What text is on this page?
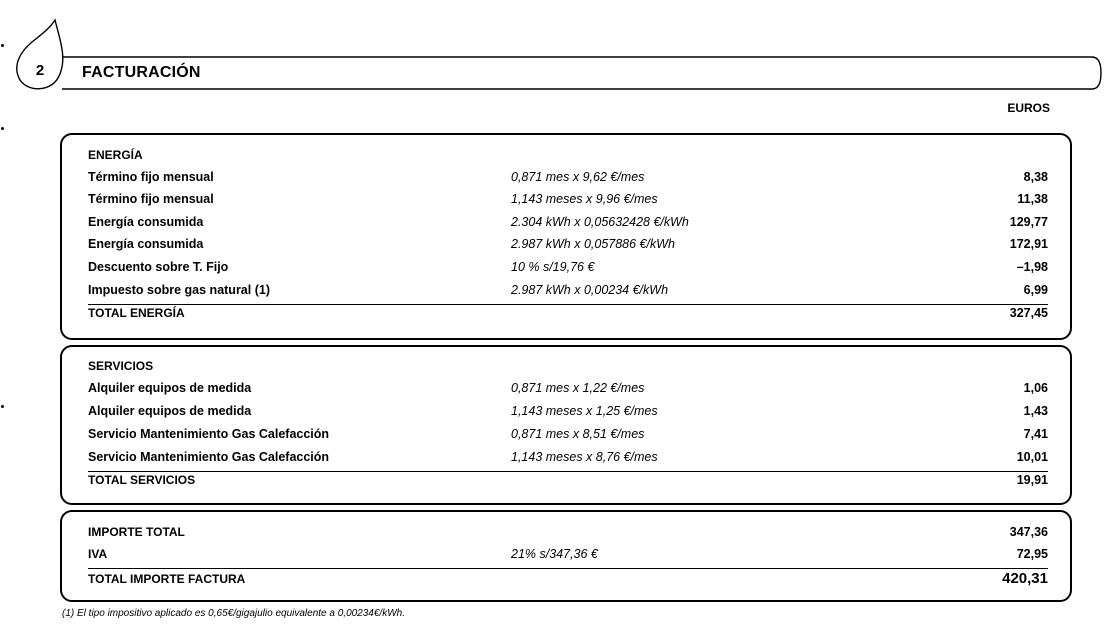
2	FACTURACIÓN
EUROS
ENERGÍA
Término fijo mensual	0,871 mes x 9,62 €/mes	8,38
Término fijo mensual	1,143 meses x 9,96 €/mes	11,38
Energía consumida	2.304 kWh x 0,05632428 €/kWh	129,77
Energía consumida	2.987 kWh x 0,057886 €/kWh	172,91
Descuento sobre T. Fijo	10 % s/19,76 €	–1,98
Impuesto sobre gas natural (1)	2.987 kWh x 0,00234 €/kWh	6,99
TOTAL ENERGÍA	327,45
SERVICIOS
Alquiler equipos de medida	0,871 mes x 1,22 €/mes	1,06
Alquiler equipos de medida	1,143 meses x 1,25 €/mes	1,43
Servicio Mantenimiento Gas Calefacción	0,871 mes x 8,51 €/mes	7,41
Servicio Mantenimiento Gas Calefacción	1,143 meses x 8,76 €/mes	10,01
TOTAL SERVICIOS	19,91
IMPORTE TOTAL	347,36
IVA	21% s/347,36 €	72,95
TOTAL IMPORTE FACTURA	420,31
(1) El tipo impositivo aplicado es 0,65€/gigajulio equivalente a 0,00234€/kWh.
